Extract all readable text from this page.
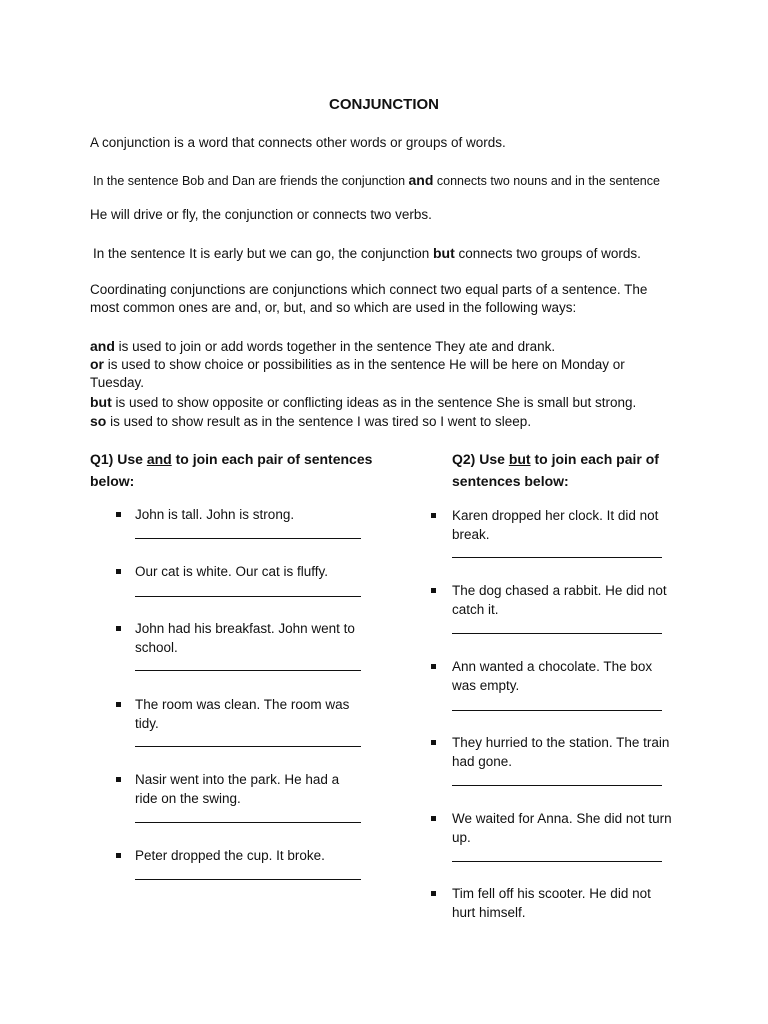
CONJUNCTION
A conjunction is a word that connects other words or groups of words.
In the sentence Bob and Dan are friends the conjunction and connects two nouns and in the sentence
He will drive or fly, the conjunction or connects two verbs.
In the sentence It is early but we can go, the conjunction but connects two groups of words.
Coordinating conjunctions are conjunctions which connect two equal parts of a sentence. The
most common ones are and, or, but, and so which are used in the following ways:
and is used to join or add words together in the sentence They ate and drank.
or is used to show choice or possibilities as in the sentence He will be here on Monday or
Tuesday.
but is used to show opposite or conflicting ideas as in the sentence She is small but strong.
so is used to show result as in the sentence I was tired so I went to sleep.
Q1) Use and to join each pair of sentences
below:
Q2) Use but to join each pair of
sentences below:
John is tall. John is strong.
Our cat is white. Our cat is fluffy.
John had his breakfast. John went to school.
The room was clean. The room was tidy.
Nasir went into the park. He had a ride on the swing.
Peter dropped the cup. It broke.
Karen dropped her clock. It did not break.
The dog chased a rabbit. He did not catch it.
Ann wanted a chocolate. The box was empty.
They hurried to the station. The train had gone.
We waited for Anna. She did not turn up.
Tim fell off his scooter. He did not hurt himself.
